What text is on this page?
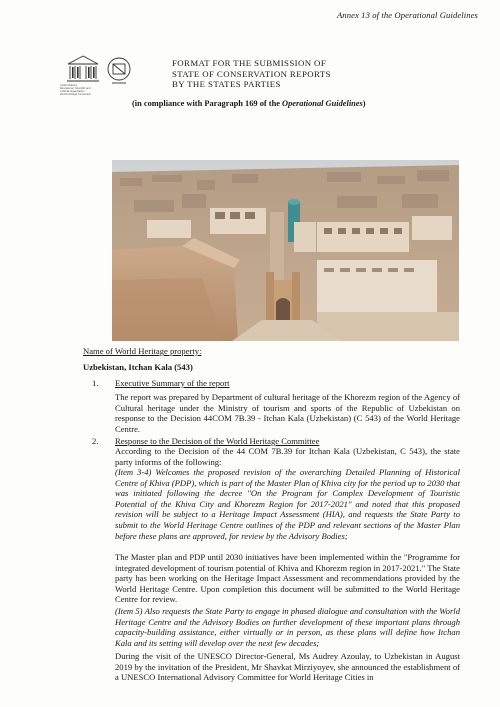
Annex 13 of the Operational Guidelines
United Nations
Educational, Scientific and
Cultural Organization
World Heritage Convention
FORMAT FOR THE SUBMISSION OF
STATE OF CONSERVATION REPORTS
BY THE STATES PARTIES
(in compliance with Paragraph 169 of the Operational Guidelines)
Name of World Heritage property:
Uzbekistan, Itchan Kala (543)
1. Executive Summary of the report

The report was prepared by Department of cultural heritage of the Khorezm region of the Agency of Cultural heritage under the Ministry of tourism and sports of the Republic of Uzbekistan on response to the Decision 44COM 7B.39 - Itchan Kala (Uzbekistan) (C 543) of the World Heritage Centre.

2. Response to the Decision of the World Heritage Committee

According to the Decision of the 44 COM 7B.39 for Itchan Kala (Uzbekistan, C 543), the state party informs of the following:

(Item 3-4) Welcomes the proposed revision of the overarching Detailed Planning of Historical Centre of Khiva (PDP), which is part of the Master Plan of Khiva city for the period up to 2030 that was initiated following the decree "On the Program for Complex Development of Touristic Potential of the Khiva City and Khorezm Region for 2017-2021" and noted that this proposed revision will be subject to a Heritage Impact Assessment (HIA), and requests the State Party to submit to the World Heritage Centre outlines of the PDP and relevant sections of the Master Plan before these plans are approved, for review by the Advisory Bodies;

The Master plan and PDP until 2030 initiatives have been implemented within the "Programme for integrated development of tourism potential of Khiva and Khorezm region in 2017-2021." The State party has been working on the Heritage Impact Assessment and recommendations provided by the World Heritage Centre. Upon completion this document will be submitted to the World Heritage Centre for review.

(Item 5) Also requests the State Party to engage in phased dialogue and consultation with the World Heritage Centre and the Advisory Bodies on further development of these important plans through capacity-building assistance, either virtually or in person, as these plans will define how Itchan Kala and its setting will develop over the next few decades;

During the visit of the UNESCO Director-General, Ms Audrey Azoulay, to Uzbekistan in August 2019 by the invitation of the President, Mr Shavkat Mirziyoyev, she announced the establishment of a UNESCO International Advisory Committee for World Heritage Cities in
